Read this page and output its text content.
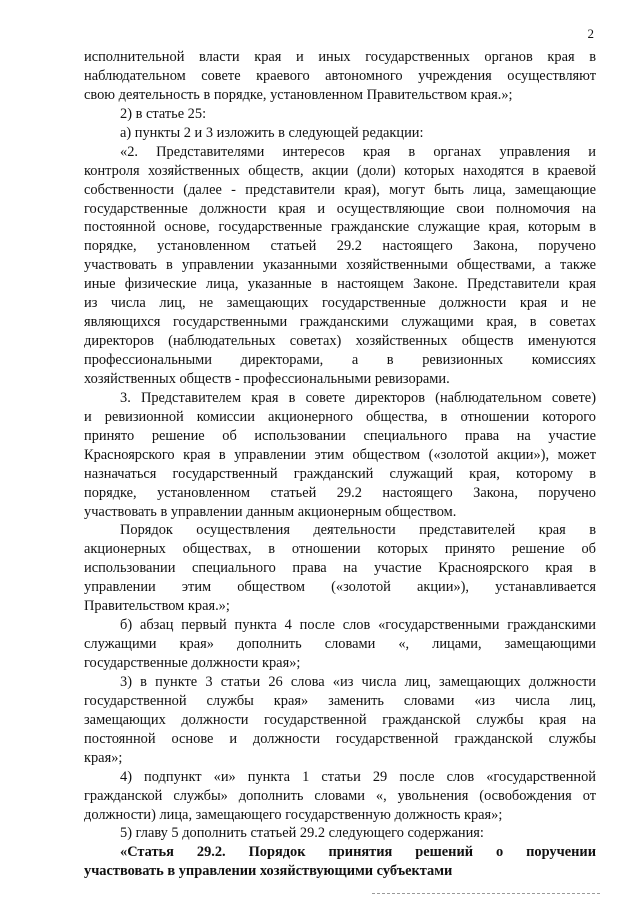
2
исполнительной власти края и иных государственных органов края в
наблюдательном совете краевого автономного учреждения осуществляют
свою деятельность в порядке, установленном Правительством края.»;
2) в статье 25:
а) пункты 2 и 3 изложить в следующей редакции:
«2. Представителями интересов края в органах управления и
контроля хозяйственных обществ, акции (доли) которых находятся в краевой
собственности (далее - представители края), могут быть лица, замещающие
государственные должности края и осуществляющие свои полномочия на
постоянной основе, государственные гражданские служащие края, которым в
порядке, установленном статьей 29.2 настоящего Закона, поручено
участвовать в управлении указанными хозяйственными обществами, а также
иные физические лица, указанные в настоящем Законе. Представители края
из числа лиц, не замещающих государственные должности края и не
являющихся государственными гражданскими служащими края, в советах
директоров (наблюдательных советах) хозяйственных обществ именуются
профессиональными директорами, а в ревизионных комиссиях
хозяйственных обществ - профессиональными ревизорами.
3. Представителем края в совете директоров (наблюдательном совете)
и ревизионной комиссии акционерного общества, в отношении которого
принято решение об использовании специального права на участие
Красноярского края в управлении этим обществом («золотой акции»), может
назначаться государственный гражданский служащий края, которому в
порядке, установленном статьей 29.2 настоящего Закона, поручено
участвовать в управлении данным акционерным обществом.
Порядок осуществления деятельности представителей края в
акционерных обществах, в отношении которых принято решение об
использовании специального права на участие Красноярского края в
управлении этим обществом («золотой акции»), устанавливается
Правительством края.»;
б) абзац первый пункта 4 после слов «государственными гражданскими
служащими края» дополнить словами «, лицами, замещающими
государственные должности края»;
3) в пункте 3 статьи 26 слова «из числа лиц, замещающих должности
государственной службы края» заменить словами «из числа лиц,
замещающих должности государственной гражданской службы края на
постоянной основе и должности государственной гражданской службы
края»;
4) подпункт «и» пункта 1 статьи 29 после слов «государственной
гражданской службы» дополнить словами «, увольнения (освобождения от
должности) лица, замещающего государственную должность края»;
5) главу 5 дополнить статьей 29.2 следующего содержания:
«Статья 29.2. Порядок принятия решений о поручении
участвовать в управлении хозяйствующими субъектами
